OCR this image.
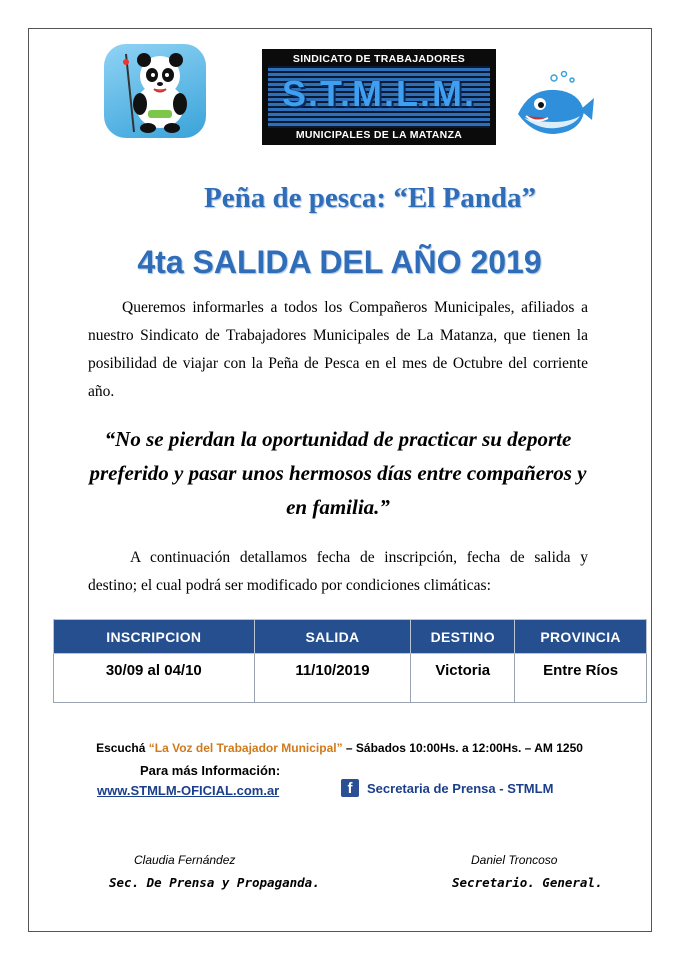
SINDICATO DE TRABAJADORES
S.T.M.L.M.
MUNICIPALES DE LA MATANZA
Peña de pesca: “El Panda”
4ta SALIDA DEL AÑO 2019
Queremos informarles a todos los Compañeros Municipales, afiliados a nuestro Sindicato de Trabajadores Municipales de La Matanza, que tienen la posibilidad de viajar con la Peña de Pesca en el mes de Octubre del corriente año.
“No se pierdan la oportunidad de practicar su deporte preferido y pasar unos hermosos días entre compañeros y en familia.”
A continuación detallamos fecha de inscripción, fecha de salida y destino; el cual podrá ser modificado por condiciones climáticas:
INSCRIPCION	SALIDA	DESTINO	PROVINCIA
30/09 al 04/10	11/10/2019	Victoria	Entre Ríos
Escuchá “La Voz del Trabajador Municipal” – Sábados 10:00Hs. a 12:00Hs. – AM 1250
Para más Información:
www.STMLM-OFICIAL.com.ar	f Secretaria de Prensa - STMLM
Claudia Fernández
Sec. De Prensa y Propaganda.
Daniel Troncoso
Secretario. General.
